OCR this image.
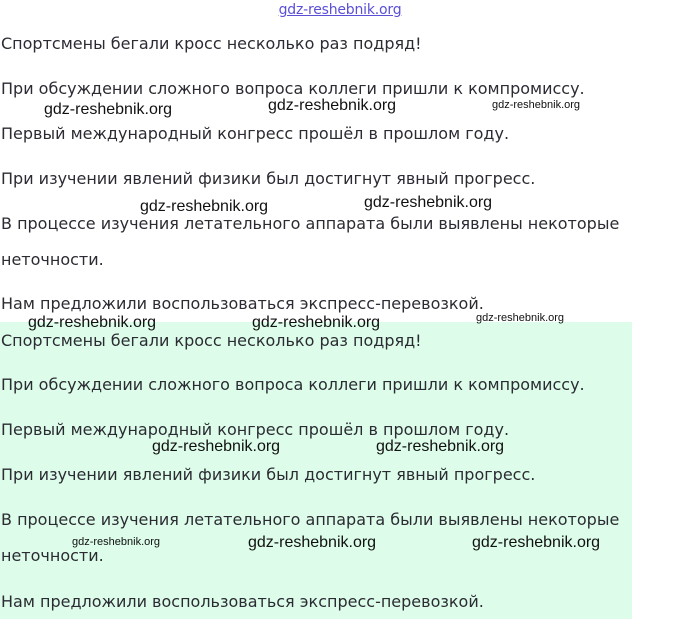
gdz-reshebnik.org
Спортсмены бегали кросс несколько раз подряд!
При обсуждении сложного вопроса коллеги пришли к компромиссу.
Первый международный конгресс прошёл в прошлом году.
При изучении явлений физики был достигнут явный прогресс.
В процессе изучения летательного аппарата были выявлены некоторые
неточности.
Нам предложили воспользоваться экспресс-перевозкой.
Спортсмены бегали кросс несколько раз подряд!
При обсуждении сложного вопроса коллеги пришли к компромиссу.
Первый международный конгресс прошёл в прошлом году.
При изучении явлений физики был достигнут явный прогресс.
В процессе изучения летательного аппарата были выявлены некоторые
неточности.
Нам предложили воспользоваться экспресс-перевозкой.
gdz-reshebnik.org	gdz-reshebnik.org	gdz-reshebnik.org
gdz-reshebnik.org	gdz-reshebnik.org
gdz-reshebnik.org	gdz-reshebnik.org	gdz-reshebnik.org
gdz-reshebnik.org	gdz-reshebnik.org
gdz-reshebnik.org	gdz-reshebnik.org	gdz-reshebnik.org
